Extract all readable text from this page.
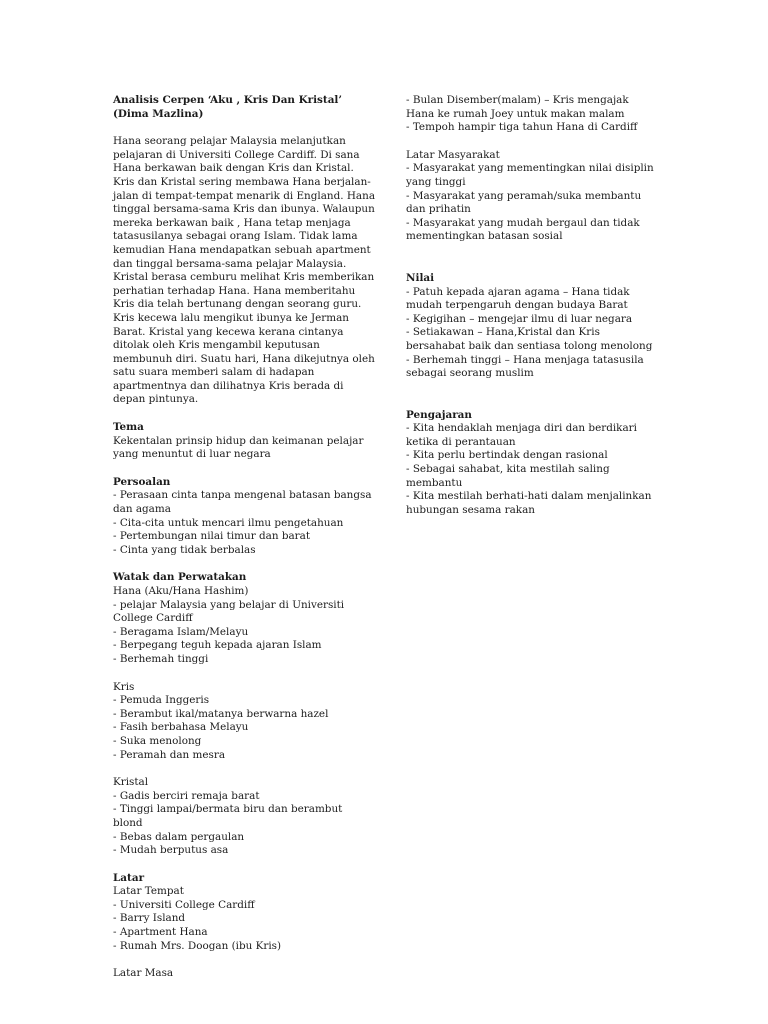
Analisis Cerpen ‘Aku , Kris Dan Kristal’ (Dima Mazlina)

Hana seorang pelajar Malaysia melanjutkan pelajaran di Universiti College Cardiff. Di sana Hana berkawan baik dengan Kris dan Kristal. Kris dan Kristal sering membawa Hana berjalan-jalan di tempat-tempat menarik di England. Hana tinggal bersama-sama Kris dan ibunya. Walaupun mereka berkawan baik , Hana tetap menjaga tatasusilanya sebagai orang Islam. Tidak lama kemudian Hana mendapatkan sebuah apartment dan tinggal bersama-sama pelajar Malaysia. Kristal berasa cemburu melihat Kris memberikan perhatian terhadap Hana. Hana memberitahu Kris dia telah bertunang dengan seorang guru. Kris kecewa lalu mengikut ibunya ke Jerman Barat. Kristal yang kecewa kerana cintanya ditolak oleh Kris mengambil keputusan membunuh diri. Suatu hari, Hana dikejutnya oleh satu suara memberi salam di hadapan apartmentnya dan dilihatnya Kris berada di depan pintunya.

Tema

Kekentalan prinsip hidup dan keimanan pelajar yang menuntut di luar negara

Persoalan

- Perasaan cinta tanpa mengenal batasan bangsa dan agama

- Cita-cita untuk mencari ilmu pengetahuan

- Pertembungan nilai timur dan barat

- Cinta yang tidak berbalas

Watak dan Perwatakan

Hana (Aku/Hana Hashim)

- pelajar Malaysia yang belajar di Universiti College Cardiff

- Beragama Islam/Melayu

- Berpegang teguh kepada ajaran Islam

- Berhemah tinggi

Kris

- Pemuda Inggeris

- Berambut ikal/matanya berwarna hazel

- Fasih berbahasa Melayu

- Suka menolong

- Peramah dan mesra

Kristal

- Gadis berciri remaja barat

- Tinggi lampai/bermata biru dan berambut blond

- Bebas dalam pergaulan

- Mudah berputus asa

Latar

Latar Tempat

- Universiti College Cardiff

- Barry Island

- Apartment Hana

- Rumah Mrs. Doogan (ibu Kris)

Latar Masa

- Bulan Disember(malam) – Kris mengajak Hana ke rumah Joey untuk makan malam

- Tempoh hampir tiga tahun Hana di Cardiff

Latar Masyarakat

- Masyarakat yang mementingkan nilai disiplin yang tinggi

- Masyarakat yang peramah/suka membantu dan prihatin

- Masyarakat yang mudah bergaul dan tidak mementingkan batasan sosial

Nilai

- Patuh kepada ajaran agama – Hana tidak mudah terpengaruh dengan budaya Barat

- Kegigihan – mengejar ilmu di luar negara

- Setiakawan – Hana,Kristal dan Kris bersahabat baik dan sentiasa tolong menolong

- Berhemah tinggi – Hana menjaga tatasusila sebagai seorang muslim

Pengajaran

- Kita hendaklah menjaga diri dan berdikari ketika di perantauan

- Kita perlu bertindak dengan rasional

- Sebagai sahabat, kita mestilah saling membantu

- Kita mestilah berhati-hati dalam menjalinkan hubungan sesama rakan
